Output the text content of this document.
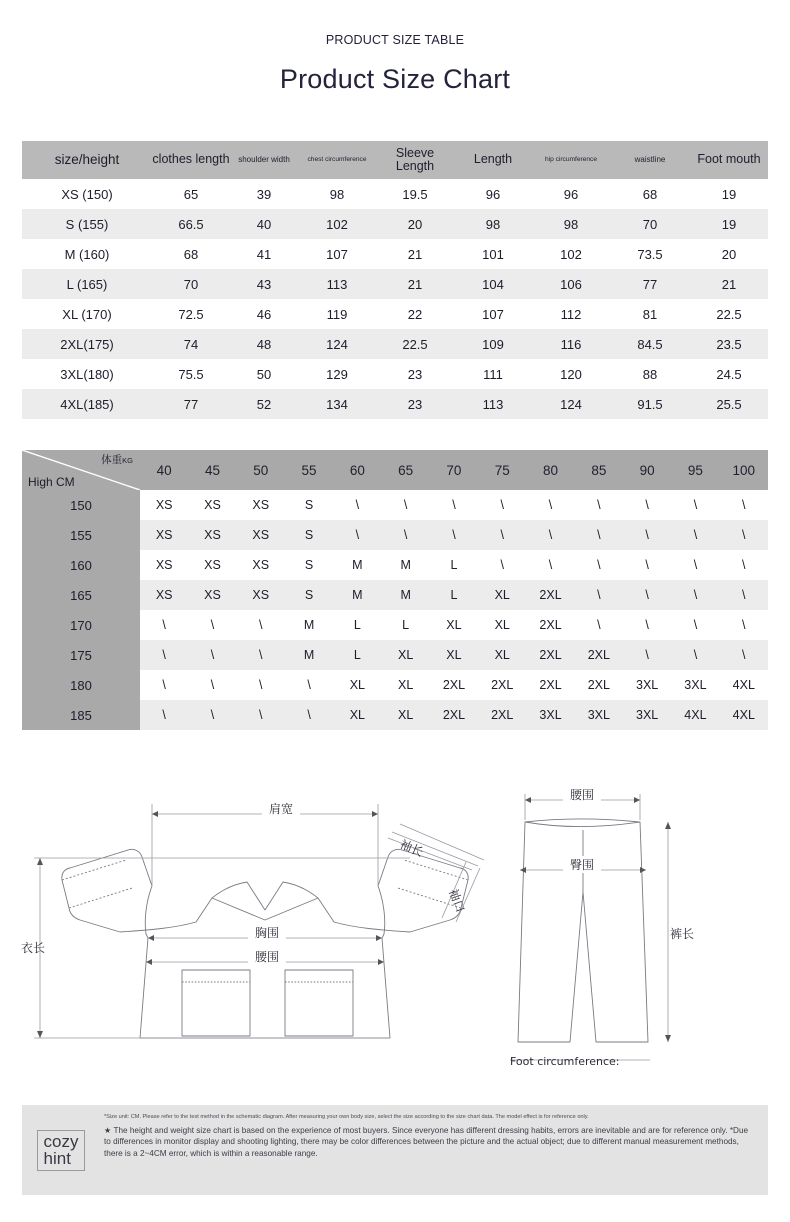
PRODUCT SIZE TABLE
Product Size Chart
size/height	clothes length	shoulder width	chest circumference	Sleeve Length	Length	hip circumference	waistline	Foot mouth
XS (150)	65	39	98	19.5	96	96	68	19
S (155)	66.5	40	102	20	98	98	70	19
M (160)	68	41	107	21	101	102	73.5	20
L (165)	70	43	113	21	104	106	77	21
XL (170)	72.5	46	119	22	107	112	81	22.5
2XL(175)	74	48	124	22.5	109	116	84.5	23.5
3XL(180)	75.5	50	129	23	111	120	88	24.5
4XL(185)	77	52	134	23	113	124	91.5	25.5
体重KG
High CM	40	45	50	55	60	65	70	75	80	85	90	95	100
150	XS	XS	XS	S	\	\	\	\	\	\	\	\	\
155	XS	XS	XS	S	\	\	\	\	\	\	\	\	\
160	XS	XS	XS	S	M	M	L	\	\	\	\	\	\
165	XS	XS	XS	S	M	M	L	XL	2XL	\	\	\	\
170	\	\	\	M	L	L	XL	XL	2XL	\	\	\	\
175	\	\	\	M	L	XL	XL	XL	2XL	2XL	\	\	\
180	\	\	\	\	XL	XL	2XL	2XL	2XL	2XL	3XL	3XL	4XL
185	\	\	\	\	XL	XL	2XL	2XL	3XL	3XL	3XL	4XL	4XL
肩宽
胸围
腰围
衣长
袖长
袖口
腰围
臀围
裤长
Foot circumference:
cozy
hint

*Size unit: CM. Please refer to the test method in the schematic diagram. After measuring your own body size, select the size according to the size chart data. The model effect is for reference only.

★ The height and weight size chart is based on the experience of most buyers. Since everyone has different dressing habits, errors are inevitable and are for reference only. *Due to differences in monitor display and shooting lighting, there may be color differences between the picture and the actual object; due to different manual measurement methods, there is a 2~4CM error, which is within a reasonable range.
